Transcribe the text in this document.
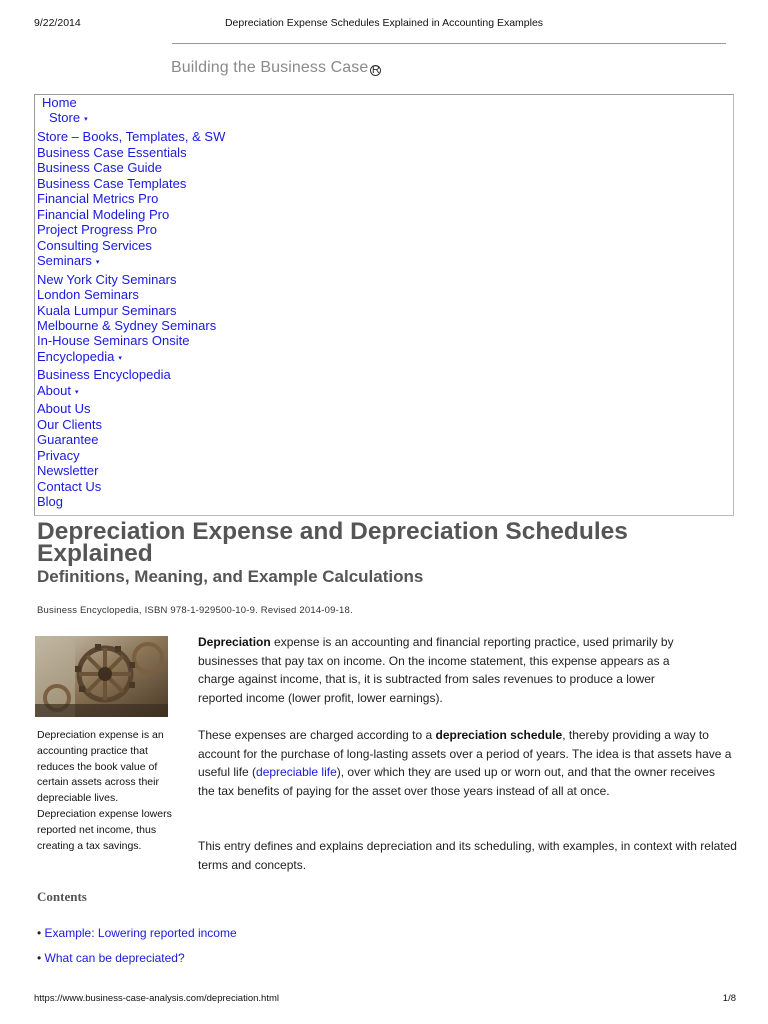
9/22/2014	Depreciation Expense Schedules Explained in Accounting Examples
Building the Business Case R
Home
Store ▾
Store – Books, Templates, & SW
Business Case Essentials
Business Case Guide
Business Case Templates
Financial Metrics Pro
Financial Modeling Pro
Project Progress Pro
Consulting Services
Seminars ▾
New York City Seminars
London Seminars
Kuala Lumpur Seminars
Melbourne & Sydney Seminars
In-House Seminars Onsite
Encyclopedia ▾
Business Encyclopedia
About ▾
About Us
Our Clients
Guarantee
Privacy
Newsletter
Contact Us
Blog
Depreciation Expense and Depreciation Schedules Explained
Definitions, Meaning, and Example Calculations
Business Encyclopedia, ISBN 978-1-929500-10-9. Revised 2014-09-18.
Depreciation expense is an accounting practice that reduces the book value of certain assets across their depreciable lives. Depreciation expense lowers reported net income, thus creating a tax savings.

Depreciation expense is an accounting and financial reporting practice, used primarily by businesses that pay tax on income. On the income statement, this expense appears as a charge against income, that is, it is subtracted from sales revenues to produce a lower reported income (lower profit, lower earnings).

These expenses are charged according to a depreciation schedule, thereby providing a way to account for the purchase of long-lasting assets over a period of years. The idea is that assets have a useful life (depreciable life), over which they are used up or worn out, and that the owner receives the tax benefits of paying for the asset over those years instead of all at once.

This entry defines and explains depreciation and its scheduling, with examples, in context with related terms and concepts.

Contents
• Example: Lowering reported income
• What can be depreciated?
https://www.business-case-analysis.com/depreciation.html	1/8
